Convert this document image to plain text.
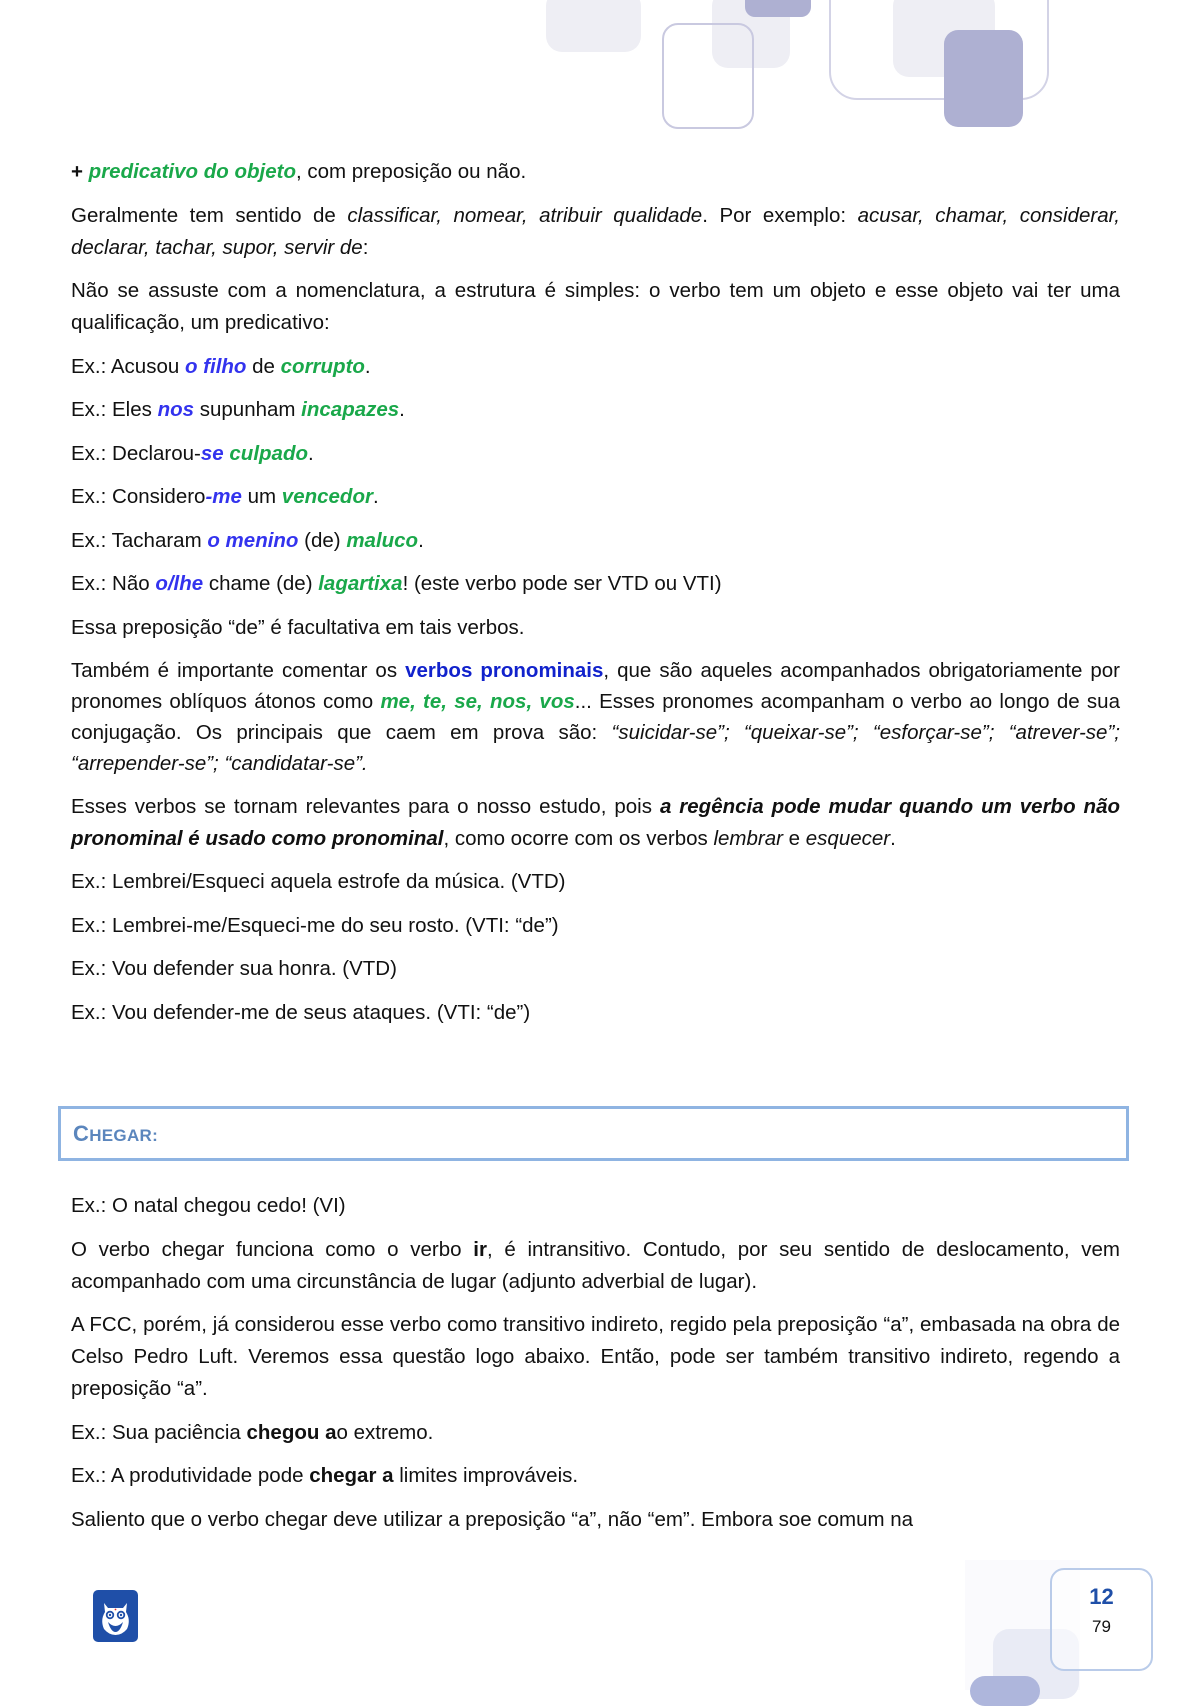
+ predicativo do objeto, com preposição ou não.

Geralmente tem sentido de classificar, nomear, atribuir qualidade. Por exemplo: acusar, chamar, considerar, declarar, tachar, supor, servir de:

Não se assuste com a nomenclatura, a estrutura é simples: o verbo tem um objeto e esse objeto vai ter uma qualificação, um predicativo:

Ex.: Acusou o filho de corrupto.

Ex.: Eles nos supunham incapazes.

Ex.: Declarou-se culpado.

Ex.: Considero-me um vencedor.

Ex.: Tacharam o menino (de) maluco.

Ex.: Não o/lhe chame (de) lagartixa! (este verbo pode ser VTD ou VTI)

Essa preposição “de” é facultativa em tais verbos.

Também é importante comentar os verbos pronominais, que são aqueles acompanhados obrigatoriamente por pronomes oblíquos átonos como me, te, se, nos, vos... Esses pronomes acompanham o verbo ao longo de sua conjugação. Os principais que caem em prova são: “suicidar-se”; “queixar-se”; “esforçar-se”; “atrever-se”; “arrepender-se”; “candidatar-se”.

Esses verbos se tornam relevantes para o nosso estudo, pois a regência pode mudar quando um verbo não pronominal é usado como pronominal, como ocorre com os verbos lembrar e esquecer.

Ex.: Lembrei/Esqueci aquela estrofe da música. (VTD)

Ex.: Lembrei-me/Esqueci-me do seu rosto. (VTI: “de”)

Ex.: Vou defender sua honra. (VTD)

Ex.: Vou defender-me de seus ataques. (VTI: “de”)

CHEGAR:

Ex.: O natal chegou cedo! (VI)

O verbo chegar funciona como o verbo ir, é intransitivo. Contudo, por seu sentido de deslocamento, vem acompanhado com uma circunstância de lugar (adjunto adverbial de lugar).

A FCC, porém, já considerou esse verbo como transitivo indireto, regido pela preposição “a”, embasada na obra de Celso Pedro Luft. Veremos essa questão logo abaixo. Então, pode ser também transitivo indireto, regendo a preposição “a”.

Ex.: Sua paciência chegou ao extremo.

Ex.: A produtividade pode chegar a limites improváveis.

Saliento que o verbo chegar deve utilizar a preposição “a”, não “em”. Embora soe comum na

12
79
